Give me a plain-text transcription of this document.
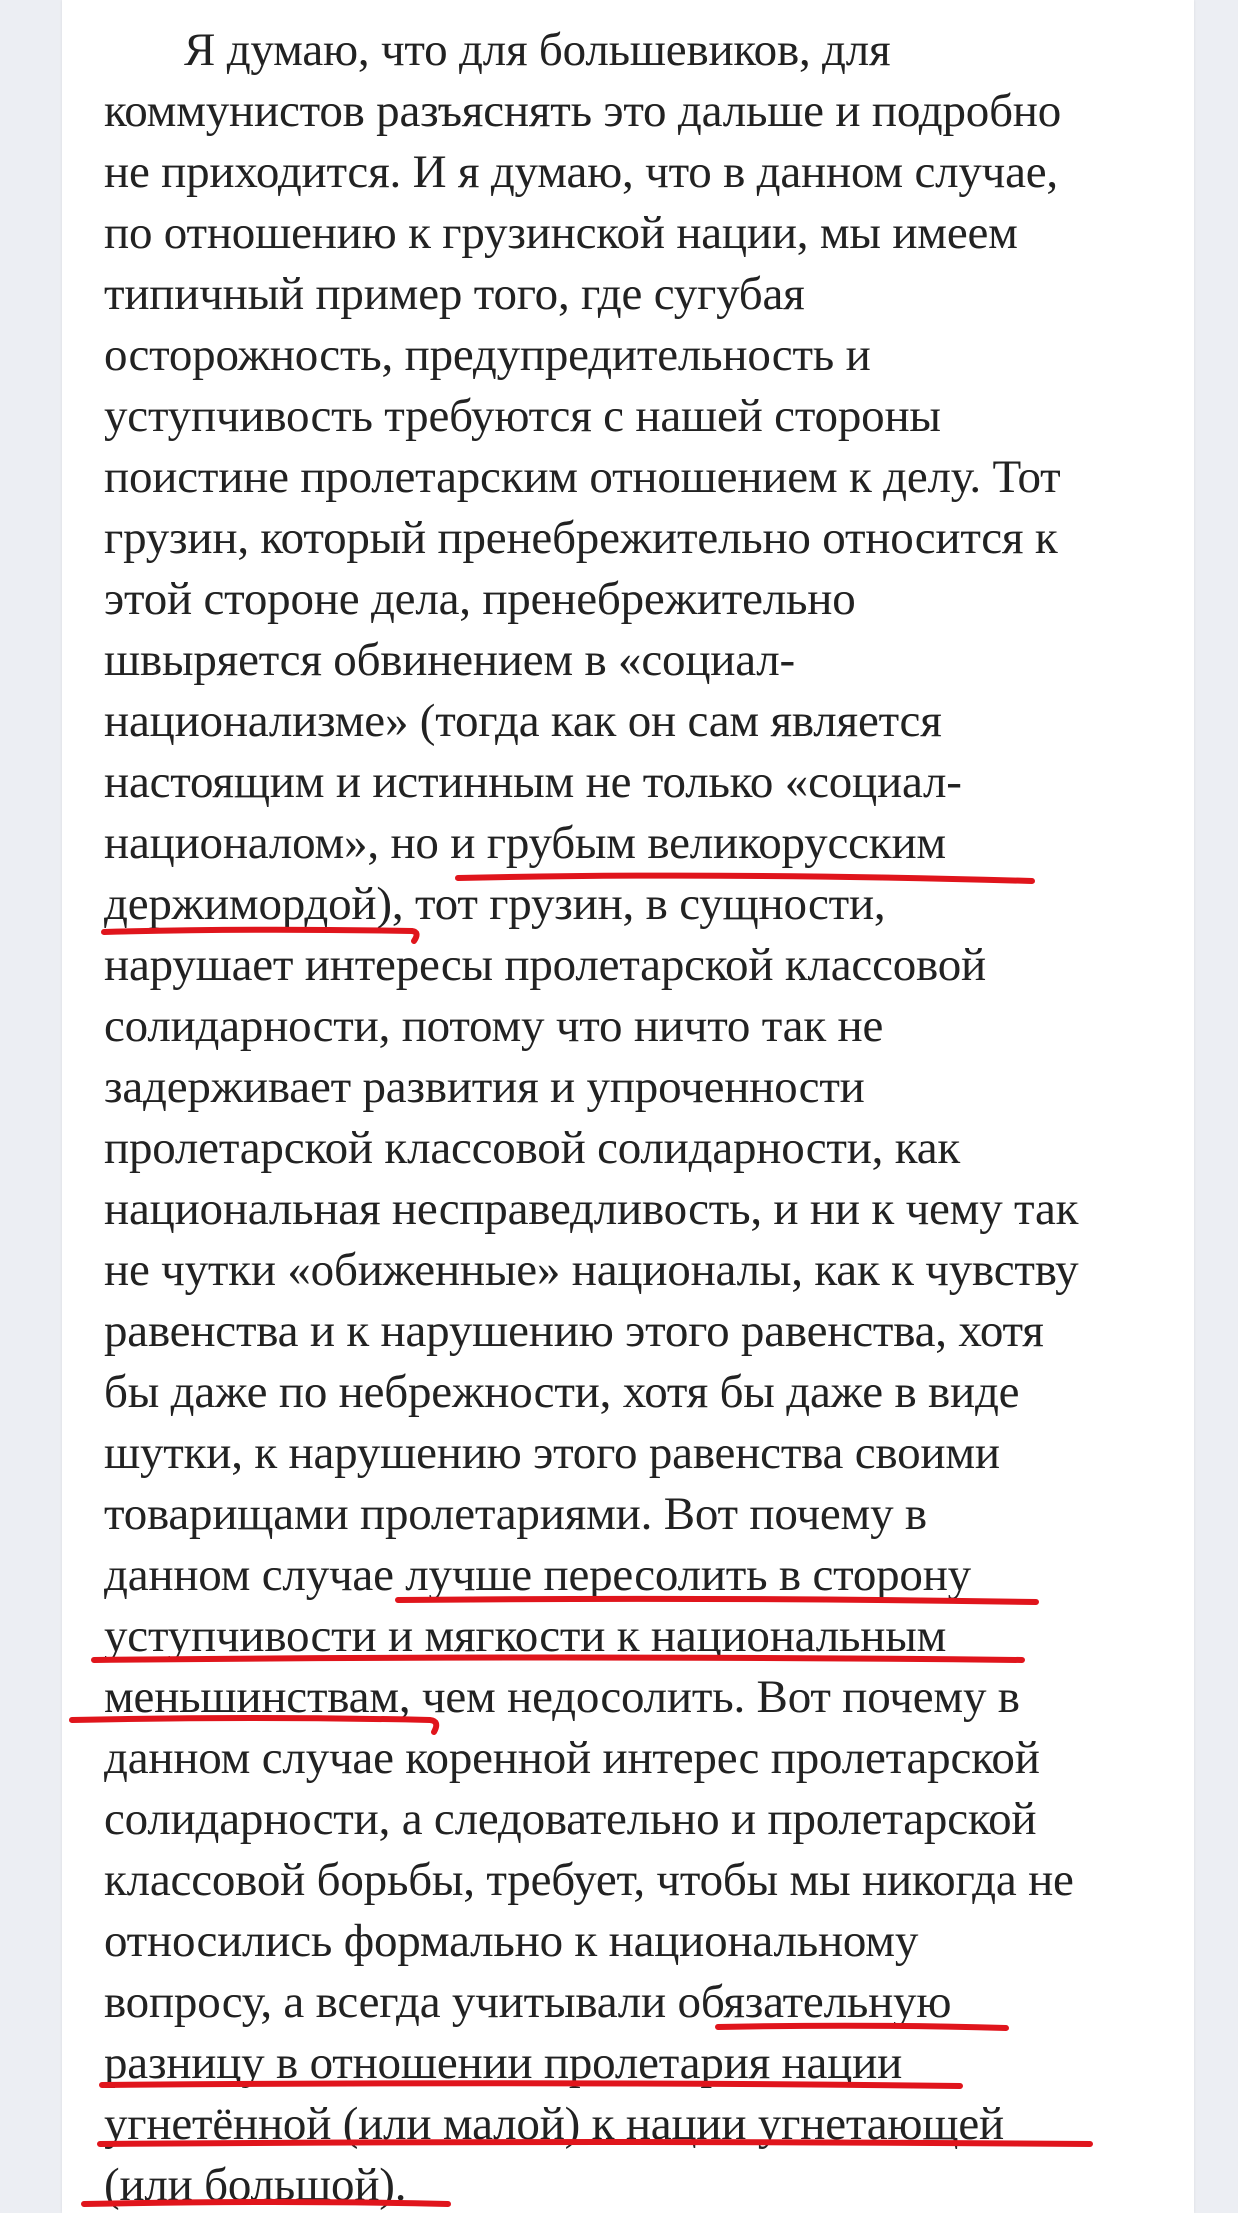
Я думаю, что для большевиков, для
коммунистов разъяснять это дальше и подробно
не приходится. И я думаю, что в данном случае,
по отношению к грузинской нации, мы имеем
типичный пример того, где сугубая
осторожность, предупредительность и
уступчивость требуются с нашей стороны
поистине пролетарским отношением к делу. Тот
грузин, который пренебрежительно относится к
этой стороне дела, пренебрежительно
швыряется обвинением в «социал-
национализме» (тогда как он сам является
настоящим и истинным не только «социал-
националом», но и грубым великорусским
держимордой), тот грузин, в сущности,
нарушает интересы пролетарской классовой
солидарности, потому что ничто так не
задерживает развития и упроченности
пролетарской классовой солидарности, как
национальная несправедливость, и ни к чему так
не чутки «обиженные» националы, как к чувству
равенства и к нарушению этого равенства, хотя
бы даже по небрежности, хотя бы даже в виде
шутки, к нарушению этого равенства своими
товарищами пролетариями. Вот почему в
данном случае лучше пересолить в сторону
уступчивости и мягкости к национальным
меньшинствам, чем недосолить. Вот почему в
данном случае коренной интерес пролетарской
солидарности, а следовательно и пролетарской
классовой борьбы, требует, чтобы мы никогда не
относились формально к национальному
вопросу, а всегда учитывали обязательную
разницу в отношении пролетария нации
угнетённой (или малой) к нации угнетающей
(или большой).
